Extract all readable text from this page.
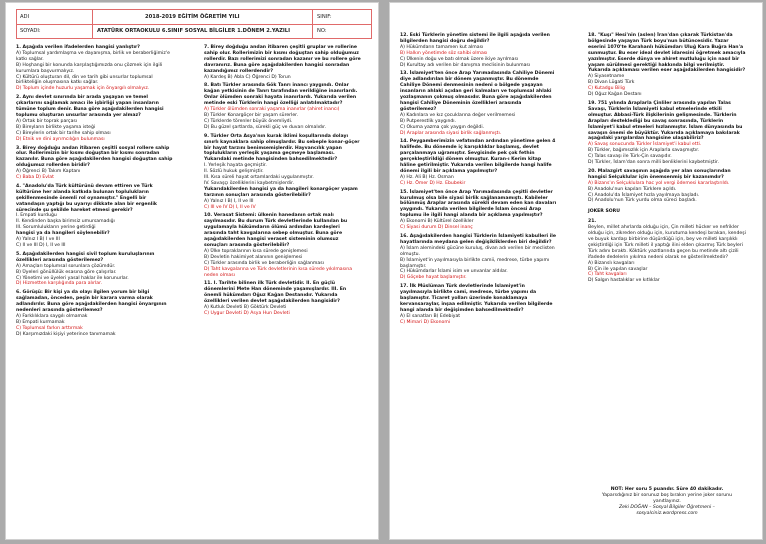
ADI	2018-2019 EĞİTİM ÖĞRETİM YILI	SINIF:
SOYADI:	ATATÜRK ORTAOKULU 6.SINIF SOSYAL BİLGİLER 1.DÖNEM 2.YAZILI	NO:

1. Aşağıda verilen ifadelerden hangisi yanlıştır?

A) Toplumsal yardımlaşma ve dayanışma, birlik ve beraberliğimiz'e katkı sağlar.

B) Hoşhangi bir konunda karşılaştığımızda onu çözmek için ilgili kurumlara başvurmalıyız.

C) Kültürü oluşturan dil, din ve tarih gibi unsurlar toplumsal birlikteliğin oluşmasına katkı sağlar.

D) Toplum içinde huzurlu yaşamak için önyargılı olmalıyız.

2. Aynı devlet sınırında bir arada yaşayan ve temel çıkarlarını sağlamak amacı ile işbirliği yapan insanların tümüne toplum denir. Buna göre aşağıdakilerden hangisi toplumu oluşturan unsurlar arasında yer almaz?

A) Ortak bir toprak parçası

B) Bireyların birlikte yaşama isteği

C) Bireylerin ortak bir tarihe sahip olması

D) Etnik ve dini ayrımcılığın bulunması

3. Birey doğduğu andan itibaren çeşitli sosyal rollere sahip olur. Rollerimizin bir kısmı doğuştan bir kısmı sonradan kazanılır. Buna göre aşağıdakilerden hangisi doğuştan sahip olduğumuz rollerden biridir?

A) Öğrenci B) Takım Kaptanı

C) Baba D) Evlat

4. "Anadolu'da Türk kültürünü devam ettiren ve Türk kültürüne her alanda katkıda bulunan toplulukların şekillenmesinde önemli rol oynamıştır." Engelli bir vatandaşın yaptığı bu uyarıyı dikkate alan bir ergenlik sürecinde şu şekilde hareket etmesi gerekir?

I. Empati kurduğu

II. Kendinden başka birimsiz umursamadığı

III. Sorumlulukların yerine getirdiği

hangisi ya da hangileri söylenebilir?

A) Yalnız I B) I ve III

C) II ve III D) I, II ve III

5. Aşağıdakilerden hangisi sivil toplum kuruluşlarının özellikleri arasında gösterilemez?

A) Amaçları toplumsal sorunlara çözümdür.

B) Üyeleri gönüllülük esasına göre çalışırlar.

C) Yönetimi ve üyeleri yasal haklar ile korunurlar.

D) Hizmetten karşılığında para alırlar.

6. Görüşü: Bir kişi ya da olayı ilgilen yorum bir bilgi sağlamadan, önceden, peşin bir karara varma olarak adlandırılır. Buna göre aşağıdakilerden hangisi önyargının nedenleri arasında gösterilemez?

A) Farklılıklara saygılı olmamak

B) Empati kurmamak

C) Toplumsal farkın arttırmak

D) Karşımızdaki kişiyi yeterince tanımamak

7. Birey doğduğu andan itibaren çeşitli gruplar ve rollerine sahip olur. Rollerimizin bir kısmı doğuştan sahip olduğumuz rollerdir. Bazı rollerimizi sonradan kazanır ve bu rollere göre davranırız. Buna göre aşağıdakilerden hangisi sonradan kazandığımız rollerdendir?

A) Kardeş B) Abla C) Öğrenci D) Torun

8. Batı Türkler arasında Gök Tanrı inancı yaygındı. Onlar kağan yetkisinin de Tanrı tarafından verildiğine inanırlardı. Onlar ölümden sonraki hayata inanırlardı. Yukarıda verilen metinde eski Türklerin hangi özelliği anlatılmaktadır?

A) Türkler ölümden sonraki yaşama inanırlar (ahiret inancı)

B) Türkler Konargöçer bir yaşam sürerler.

C) Türklerde törenler büyük önemliydi.

D) Bu güzel şartlarda, sürekli güç ve duvarı olmalıdır.

9. Türkler Orta Asya'nın kurak iklimi koşullarında dolayı sınırlı kaynaklara sahip olmuşlardır. Bu sebeple konar-göçer bir hayat tarzını benimsemişlerdir. Hayvancılık yapan toplulukların yerleşik yaşama geçmeye başlaması. Yukarıdaki metinde hangisinden bahsedilmektedir?

I. Yerleşik hayata geçmiştir.

II. Sözlü hukuk gelişmiştir.

III. Kısa süreli hayat ortamlardaki uygulanmıştır.

IV. Savaşçı özelliklerini kaybetmişlerdir.

Yukarıdakilerden hangisi ya da hangileri konargöçer yaşam tarzının sonuçları arasında gösterilebilir?

A) Yalnız I B) I, II ve III

C) III ve IV D) I, II ve IV

10. Verasat Sistemi: ülkenin hanedanın ortak malı sayılmasıdır. Bu durum Türk devletlerinde kullanılan bu uygulamayla hükümdarın ölümü ardından kardeşleri arasında taht kavgalarına sebep olmuştur. Buna göre aşağıdakilerden hangisi veraset sisteminin olumsuz sonuçları arasında gösterilebilir?

A) Ülke topraklarının kısa sürede genişlemesi

B) Devletin hakimiyet alanının genişlemesi

C) Türkler arasında birlik ve beraberliğin sağlanması

D) Taht kavgalarına ve Türk devletlerinin kısa sürede yıkılmasına neden olması

11. I. Tarihte bilinen ilk Türk devletidir. II. En güçlü dönemlerini Mete Han döneminde yaşamışlardır. III. En önemli hükümdarı Oğuz Kağan Destanıdır. Yukarıda özellikleri verilen devlet aşağıdakilerden hangisidir?

A) Kutluk Devleti B) Göktürk Devleti

C) Uygur Devleti D) Asya Hun Devleti

12. Eski Türklerin yönetim sistemi ile ilgili aşağıda verilen bilgilerden hangisi doğru değildir?

A) Hükümdarın tamamen kut alması

B) Halkın yönetimde söz sahibi olması

C) Ülkenin doğu ve batı olmak üzere ikiye ayrılması

D) Kurultay adı verilen bir danışma meclisinin bulunması

13. İslamiyet'ten önce Arap Yarımadasında Cahiliye Dönemi diye adlandırılan bir dönem yaşanmıştır. Bu dönemde Cahiliye Dönemi denmesinin nedeni o bölgede yaşayan insanların ahlaki açıdan geri kalmaları ve toplumsal ahlaki yozlaşmanın çokmuş olmasıdır. Buna göre aşağıdakilerden hangisi Cahiliye Döneminin özellikleri arasında gösterilemez?

A) Kadınlara ve kız çocuklarına değer verilmemesi

B) Putperestlik yaygındı.

C) Okuma yazma çok yaygın değildi.

D) Araplar arasında siyasi birlik sağlanmıştı.

14. Peygamberimizin vefatından ardından yönetime gelen 4 halifede. Bu dönemde iç karışıklıklar başlamış, devlet parçalanmaya uğramıştır. Sevgisinde pek çok fethin gerçekleştirildiği dönem olmuştur. Kuran-ı Kerim kitap hâline getirilmiştir. Yukarıda verilen bilgilerde hangi halife dönemi ilgili bir açıklama yapılmıştır?

A) Hz. Ali B) Hz. Osman

C) Hz. Ömer D) Hz. Ebubekir

15. İslamiyet'ten önce Arap Yarımadasında çeşitli devletler kurulmuş olsa bile siyasi birlik sağlanamamıştı. Kabileler bölünmüş Araplar arasında sürekli devam eden kan davaları yaygındı. Yukarıda verilen bilgilerde İslam öncesi Arap toplumu ile ilgili hangi alanda bir açıklama yapılmıştır?

A) Ekonomi B) Kültürel özellikler

C) Siyasi durum D) Dinsel inanç

16. Aşağıdakilerden hangisi Türklerin İslamiyeti kabulleri ile hayatlarında meydana gelen değişikliklerden biri değildir?

A) İslam alemindeki gücüne kuruluş, divan adı verilen bir meclisten olmuştu.

B) İslamiyet'in yayılmasıyla birlikte camii, medrese, türbe yapımı başlamıştır.

C) Hükümdarlar İslami isim ve unvanlar aldılar.

D) Göçebe hayat başlamıştır.

17. İlk Müslüman Türk devletlerinde İslamiyet'in yayılmasıyla birlikte cami, medrese, türbe yapımı da başlamıştır. Ticaret yolları üzerinde konaklamaya kervansaraylar, inşaa edilmiştir. Yukarıda verilen bilgilerde hangi alanda bir değişimden bahsedilmektedir?

A) El sanatları B) Edebiyat

C) Mimari D) Ekonomi

18. "Kuşı" Hesi'nin (aslen) İran'dan çıkarak Türkistan'da bölgesinde yaşayan Türk boyu'nun bütüncesidir. Yazar eserini 1070'te Karahanlı hükümdarı Uluğ Kara Buğra Han'a sunmuştur. Bu eser ideal devlet idaresini öğretmek amacıyla yazılmıştır. Eserde dünya ve ahiret mutluluğu için nasıl bir yaşam sürülmesi gerektiği hakkında bilgi verilmiştir. Yukarıda açıklaması verilen eser aşağıdakilerden hangisidir?

A) Siyasetname

B) Divan Lügati Türk

C) Kutadgu Bilig

D) Oğuz Kağan Destanı

19. 751 yılında Araplarla Çinliler arasında yapılan Talas Savaşı, Türklerin İslamiyeti kabul etmelerinde etkili olmuştur. Abbasi-Türk ilişkilerinin gelişmesinde. Türklerin Arapları desteklediği bu savaş sonrasında, Türklerin İslamiyet'i kabul etmeleri hızlanmıştır. İslam dünyasında bu savaşın önemi de büyüktür. Yukarıda açıklamaya bakılarak aşağıdaki yargılardan hangisine ulaşabiliriz?

A) Savaş sonucunda Türkler İslamiyet'i kabul etti.

B) Türkler, bağımsızlık için Araplarla savaşmıştır.

C) Talas savaşı ile Türk-Çin savaşıdır.

D) Türkler, İslam'dan sonra milli benliklerini kaybetmiştir.

20. Malazgirt savaşının aşağıda yer alan sonuçlarından hangisi Selçuklular için önemsenmiş bir kazanımdır?

A) Bizans'ın Selçuklulara hac yol vergi ödemesi kararlaştırıldı.

B) Anadolu'nun kapıları Türklere açıldı.

C) Anadolu'da İslamiyet hızla yayılmaya başladı.

D) Anadolu'nun Türk yurdu olma süreci başladı.

JOKER SORU

21.

Beylen, millet ahırlarda olduğu için, Çin milleti hücker ve nefrikler olduğu için, zikreden olduğu için, kurutuma kendeşi bırakan, kendeşi ve buyuk kardaşı birbirine düşürdüğü için, bey ve milleti karşılıklı çekiştirdiği için Türk milleti il yaptığı ilini elden çıkarmış Türk beyleri Türk adını bıraktı. Köktürk yazıtlarında geçen bu metinde altı çizili ifadede dedelerin yıkılma nedeni olarak ne gösterilmektedir?

A) Bizanslı kavgaları

B) Çin ile yapılan savaşlar

C) Taht kavgaları

D) Salgın hastalıklar ve kıtlıklar

NOT: Her soru 5 puandır. Süre 40 dakikadır.
Yaparsdığınız bir sorunuz boş bırakın yerine joker sorunu yanıtlayınız.
Zeki DOĞAN – Sosyal Bilgiler Öğretmeni –
sosyalciniz.wordpress.com
